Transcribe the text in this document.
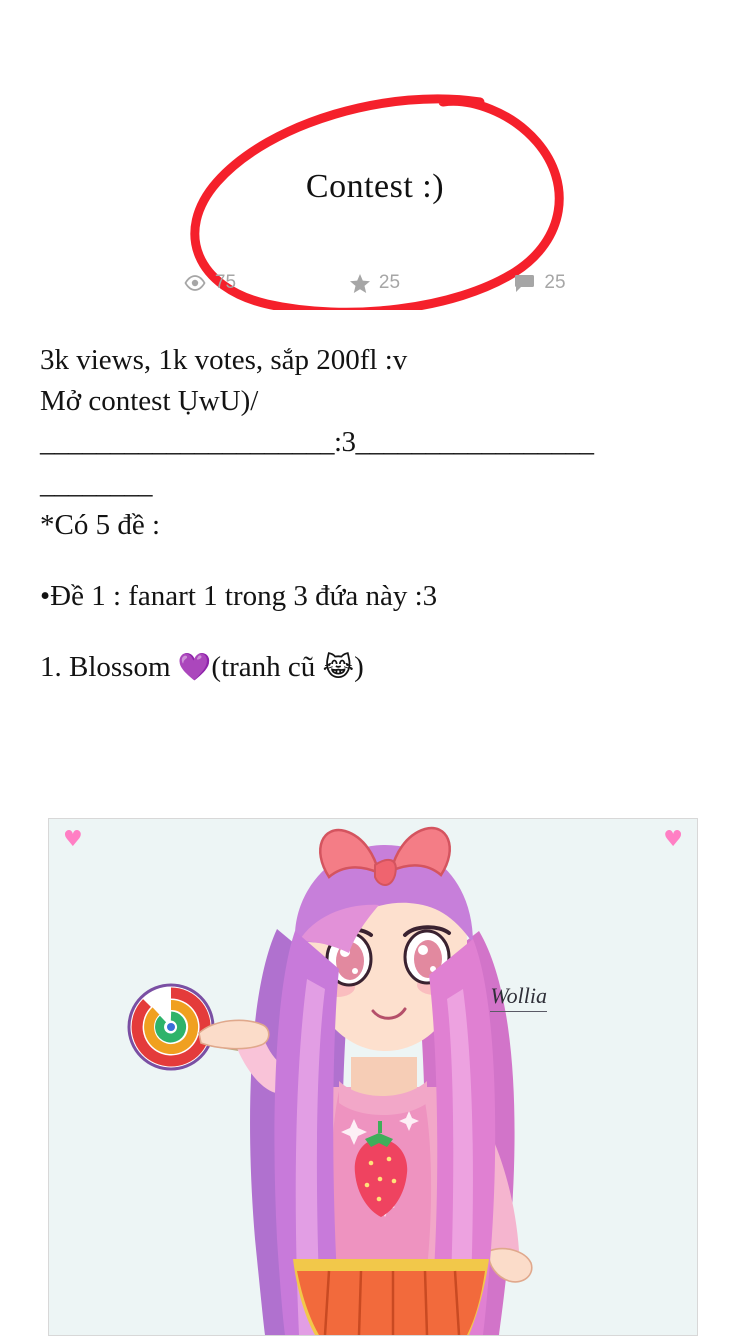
Contest :)
75	25	25

3k views, 1k votes, sắp 200fl :v

Mở contest ỤwU)/

_____________________:3_________________

________

*Có 5 đề :

•Đề 1 : fanart 1 trong 3 đứa này :3

1. Blossom 💜(tranh cũ 😹)

♥	♥
Wollia
